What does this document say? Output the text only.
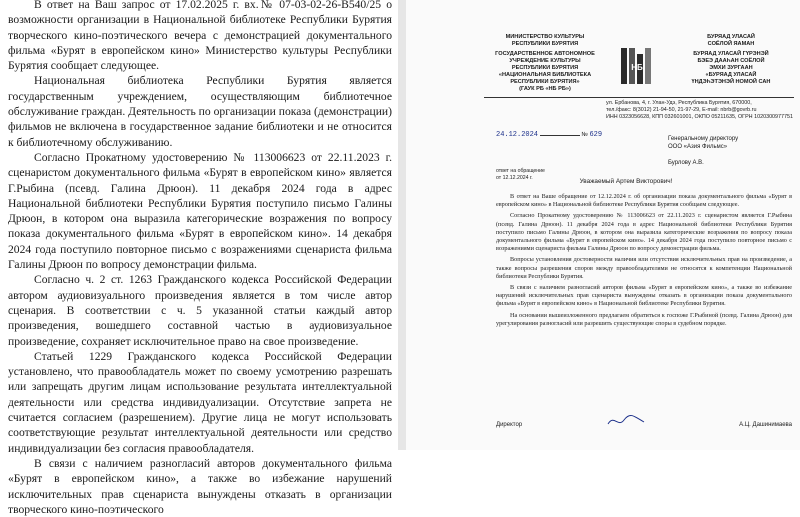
В ответ на Ваш запрос от 17.02.2025 г. вх.№ 07-03-02-26-В540/25 о возможности организации в Национальной библиотеке Республики Бурятия творческого кино-поэтического вечера с демонстрацией документального фильма «Бурят в европейском кино» Министерство культуры Республики Бурятия сообщает следующее.

Национальная библиотека Республики Бурятия является государственным учреждением, осуществляющим библиотечное обслуживание граждан. Деятельность по организации показа (демонстрации) фильмов не включена в государственное задание библиотеки и не относится к библиотечному обслуживанию.

Согласно Прокатному удостоверению № 113006623 от 22.11.2023 г. сценаристом документального фильма «Бурят в европейском кино» является Г.Рыбина (псевд. Галина Дрюон). 11 декабря 2024 года в адрес Национальной библиотеки Республики Бурятия поступило письмо Галины Дрюон, в котором она выразила категорические возражения по вопросу показа документального фильма «Бурят в европейском кино». 14 декабря 2024 года поступило повторное письмо с возражениями сценариста фильма Галины Дрюон по вопросу демонстрации фильма.

Согласно ч. 2 ст. 1263 Гражданского кодекса Российской Федерации автором аудиовизуального произведения является в том числе автор сценария. В соответствии с ч. 5 указанной статьи каждый автор произведения, вошедшего составной частью в аудиовизуальное произведение, сохраняет исключительное право на свое произведение.

Статьей 1229 Гражданского кодекса Российской Федерации установлено, что правообладатель может по своему усмотрению разрешать или запрещать другим лицам использование результата интеллектуальной деятельности или средства индивидуализации. Отсутствие запрета не считается согласием (разрешением). Другие лица не могут использовать соответствующие результат интеллектуальной деятельности или средство индивидуализации без согласия правообладателя.

В связи с наличием разногласий авторов документального фильма «Бурят в европейском кино», а также во избежание нарушений исключительных прав сценариста вынуждены отказать в организации творческого кино-поэтического

МИНИСТЕРСТВО КУЛЬТУРЫ
РЕСПУБЛИКИ БУРЯТИЯ
ГОСУДАРСТВЕННОЕ АВТОНОМНОЕ
УЧРЕЖДЕНИЕ КУЛЬТУРЫ
РЕСПУБЛИКИ БУРЯТИЯ
«НАЦИОНАЛЬНАЯ БИБЛИОТЕКА
РЕСПУБЛИКИ БУРЯТИЯ»
(ГАУК РБ «НБ РБ»)
НБ
БУРЯАД УЛАСАЙ
СОЁЛОЙ ЯАМАН
БУРЯАД УЛАСАЙ ГҮРЭНЭЙ
БЭЕЭ ДААҺАН СОЁЛОЙ
ЭМХИ ЗУРГААН
«БУРЯАД УЛАСАЙ
ҮНДЭҺЭТЭНЭЙ НОМОЙ САН
ул. Ербанова, 4, г. Улан-Удэ, Республика Бурятия, 670000,
тел./факс: 8(3012) 21-94-50, 21-97-29, E-mail: nbrb@govrb.ru
ИНН 0323056628, КПП 032601001, ОКПО 05211635, ОГРН 1020300977751
24.12.2024	№ 629	Генеральному директору
ООО «Азия Фильмс»

Бурлову А.В.
ответ на обращение
от 12.12.2024 г.
Уважаемый Артем Викторович!

В ответ на Ваше обращение от 12.12.2024 г. об организации показа документального фильма «Бурят в европейском кино» в Национальной библиотеке Республики Бурятия сообщаем следующее.

Согласно Прокатному удостоверению № 113006623 от 22.11.2023 г. сценаристом является Г.Рыбина (псевд. Галина Дрюон). 11 декабря 2024 года в адрес Национальной библиотеки Республики Бурятия поступило письмо Галины Дрюон, в котором она выразила категорические возражения по вопросу показа документального фильма «Бурят в европейском кино». 14 декабря 2024 года поступило повторное письмо с возражениями сценариста фильма Галины Дрюон по вопросу демонстрации фильма.

Вопросы установления достоверности наличия или отсутствия исключительных прав на произведение, а также вопросы разрешения споров между правообладателями не относятся к компетенции Национальной библиотеки Республики Бурятия.

В связи с наличием разногласий авторов фильма «Бурят в европейском кино», а также во избежание нарушений исключительных прав сценариста вынуждены отказать в организации показа документального фильма «Бурят в европейском кино» в Национальной библиотеке Республики Бурятия.

На основании вышеизложенного предлагаем обратиться к госпоже Г.Рыбиной (псевд. Галина Дрюон) для урегулирования разногласий или разрешить существующие споры в судебном порядке.

Директор	А.Ц. Дашинимаева
